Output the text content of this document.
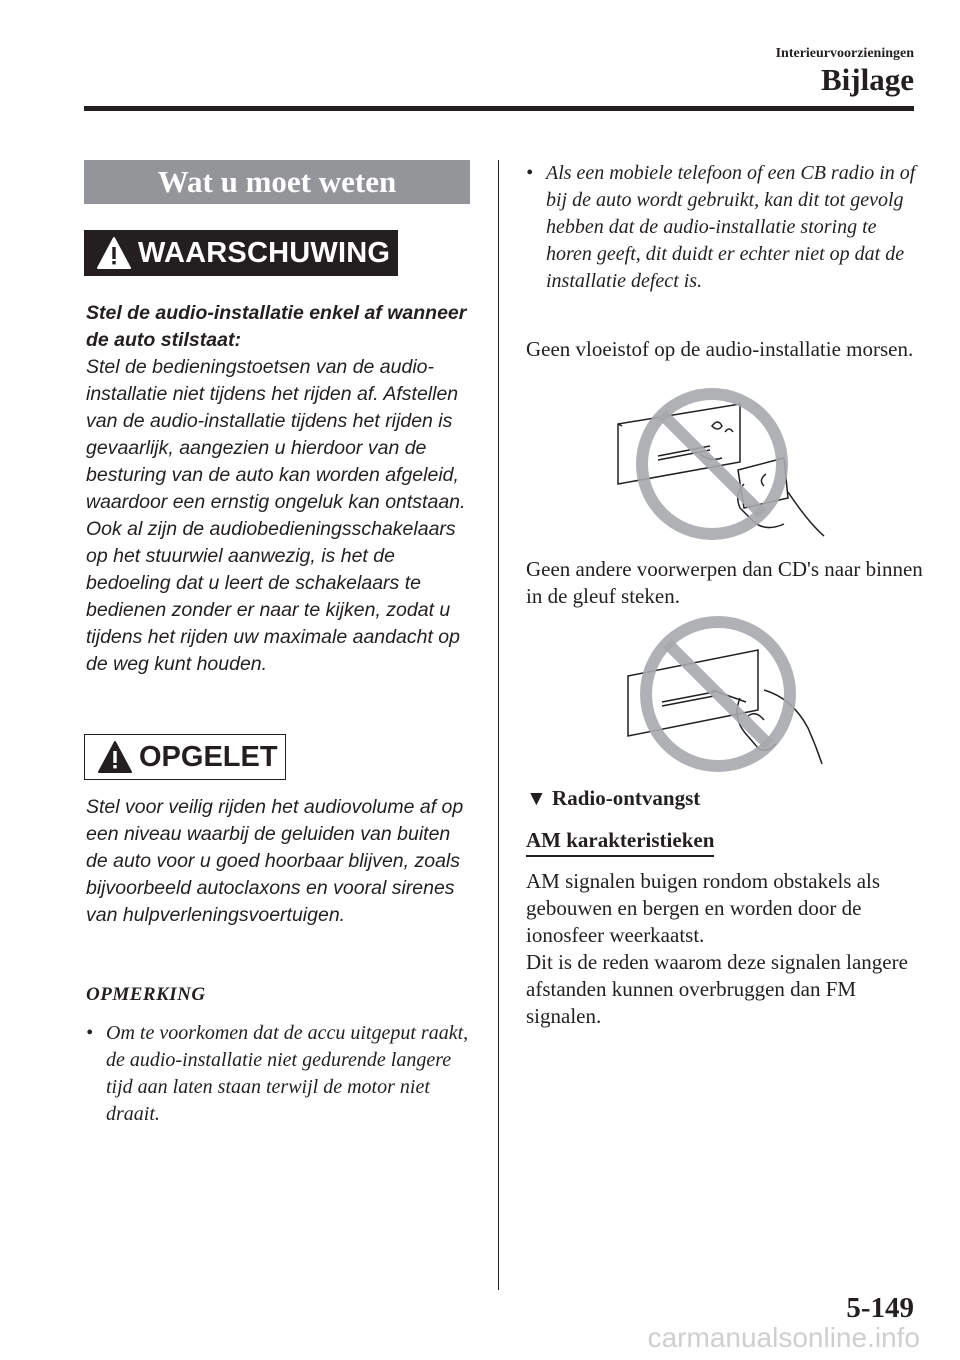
Interieurvoorzieningen
Bijlage
Wat u moet weten
WAARSCHUWING
Stel de audio-installatie enkel af wanneer de auto stilstaat:
Stel de bedieningstoetsen van de audio-installatie niet tijdens het rijden af. Afstellen van de audio-installatie tijdens het rijden is gevaarlijk, aangezien u hierdoor van de besturing van de auto kan worden afgeleid, waardoor een ernstig ongeluk kan ontstaan.
Ook al zijn de audiobedieningsschakelaars op het stuurwiel aanwezig, is het de bedoeling dat u leert de schakelaars te bedienen zonder er naar te kijken, zodat u tijdens het rijden uw maximale aandacht op de weg kunt houden.
OPGELET
Stel voor veilig rijden het audiovolume af op een niveau waarbij de geluiden van buiten de auto voor u goed hoorbaar blijven, zoals bijvoorbeeld autoclaxons en vooral sirenes van hulpverleningsvoertuigen.
OPMERKING
• Om te voorkomen dat de accu uitgeput raakt, de audio-installatie niet gedurende langere tijd aan laten staan terwijl de motor niet draait.
• Als een mobiele telefoon of een CB radio in of bij de auto wordt gebruikt, kan dit tot gevolg hebben dat de audio-installatie storing te horen geeft, dit duidt er echter niet op dat de installatie defect is.
Geen vloeistof op de audio-installatie morsen.
Geen andere voorwerpen dan CD's naar binnen in de gleuf steken.
▼ Radio-ontvangst
AM karakteristieken
AM signalen buigen rondom obstakels als gebouwen en bergen en worden door de ionosfeer weerkaatst.
Dit is de reden waarom deze signalen langere afstanden kunnen overbruggen dan FM signalen.
5-149
carmanualsonline.info
